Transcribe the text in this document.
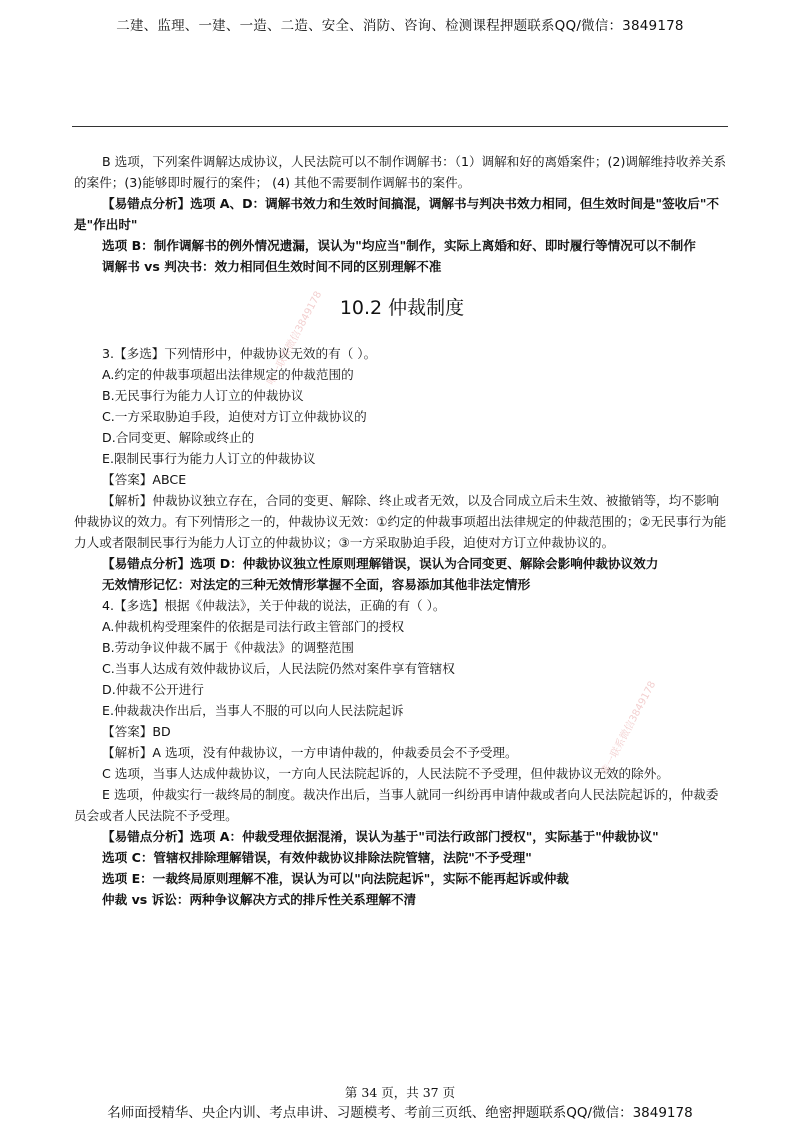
二建、监理、一建、一造、二造、安全、消防、咨询、检测课程押题联系QQ/微信：3849178

B 选项，下列案件调解达成协议，人民法院可以不制作调解书：（1）调解和好的离婚案件；(2)调解维持收养关系的案件；(3)能够即时履行的案件； (4) 其他不需要制作调解书的案件。

【易错点分析】选项 A、D：调解书效力和生效时间搞混，调解书与判决书效力相同，但生效时间是"签收后"不是"作出时"

选项 B：制作调解书的例外情况遗漏，误认为"均应当"制作，实际上离婚和好、即时履行等情况可以不制作

调解书 vs 判决书：效力相同但生效时间不同的区别理解不准

10.2 仲裁制度

3.【多选】下列情形中，仲裁协议无效的有（ ）。

A.约定的仲裁事项超出法律规定的仲裁范围的

B.无民事行为能力人订立的仲裁协议

C.一方采取胁迫手段，迫使对方订立仲裁协议的

D.合同变更、解除或终止的

E.限制民事行为能力人订立的仲裁协议

【答案】ABCE

【解析】仲裁协议独立存在，合同的变更、解除、终止或者无效，以及合同成立后未生效、被撤销等，均不影响仲裁协议的效力。有下列情形之一的，仲裁协议无效：①约定的仲裁事项超出法律规定的仲裁范围的；②无民事行为能力人或者限制民事行为能力人订立的仲裁协议；③一方采取胁迫手段，迫使对方订立仲裁协议的。

【易错点分析】选项 D：仲裁协议独立性原则理解错误，误认为合同变更、解除会影响仲裁协议效力

无效情形记忆：对法定的三种无效情形掌握不全面，容易添加其他非法定情形

4.【多选】根据《仲裁法》，关于仲裁的说法，正确的有（ ）。

A.仲裁机构受理案件的依据是司法行政主管部门的授权

B.劳动争议仲裁不属于《仲裁法》的调整范围

C.当事人达成有效仲裁协议后，人民法院仍然对案件享有管辖权

D.仲裁不公开进行

E.仲裁裁决作出后，当事人不服的可以向人民法院起诉

【答案】BD

【解析】A 选项，没有仲裁协议，一方申请仲裁的，仲裁委员会不予受理。

C 选项，当事人达成仲裁协议，一方向人民法院起诉的，人民法院不予受理，但仲裁协议无效的除外。

E 选项，仲裁实行一裁终局的制度。裁决作出后，当事人就同一纠纷再申请仲裁或者向人民法院起诉的，仲裁委员会或者人民法院不予受理。

【易错点分析】选项 A：仲裁受理依据混淆，误认为基于"司法行政部门授权"，实际基于"仲裁协议"

选项 C：管辖权排除理解错误，有效仲裁协议排除法院管辖，法院"不予受理"

选项 E：一裁终局原则理解不准，误认为可以"向法院起诉"，实际不能再起诉或仲裁

仲裁 vs 诉讼：两种争议解决方式的排斥性关系理解不清

唯一联系微信3849178
唯一联系微信3849178
第 34 页，共 37 页
名师面授精华、央企内训、考点串讲、习题模考、考前三页纸、绝密押题联系QQ/微信：3849178
